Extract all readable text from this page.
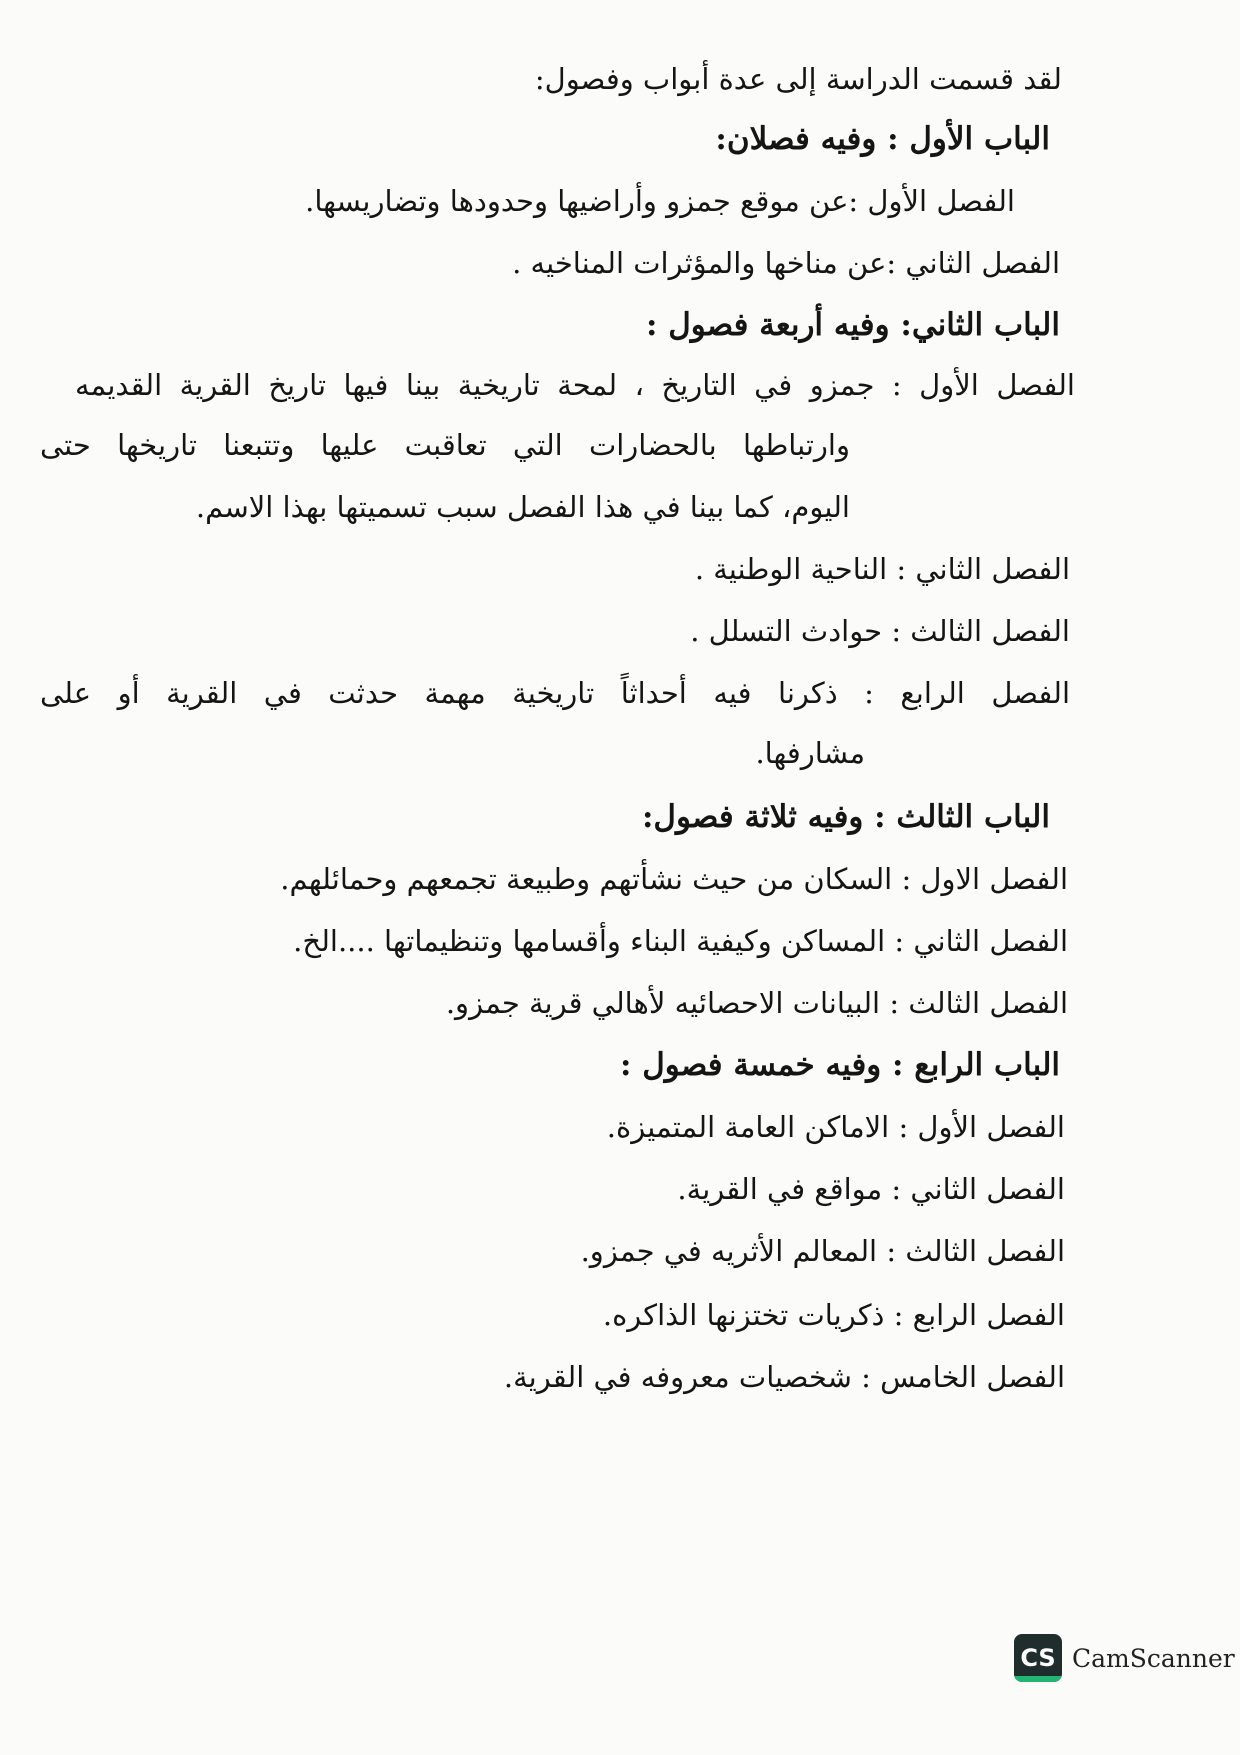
لقد قسمت الدراسة إلى عدة أبواب وفصول:
الباب الأول : وفيه فصلان:
الفصل الأول :عن موقع جمزو وأراضيها وحدودها وتضاريسها.
الفصل الثاني :عن مناخها والمؤثرات المناخيه .
الباب الثاني: وفيه أربعة فصول :
الفصل الأول : جمزو في التاريخ ، لمحة تاريخية بينا فيها تاريخ القرية القديمه
وارتباطها بالحضارات التي تعاقبت عليها وتتبعنا تاريخها حتى
اليوم، كما بينا في هذا الفصل سبب تسميتها بهذا الاسم.
الفصل الثاني : الناحية الوطنية .
الفصل الثالث : حوادث التسلل .
الفصل الرابع : ذكرنا فيه أحداثاً تاريخية مهمة حدثت في القرية أو على
مشارفها.
الباب الثالث : وفيه ثلاثة فصول:
الفصل الاول : السكان من حيث نشأتهم وطبيعة تجمعهم وحمائلهم.
الفصل الثاني : المساكن وكيفية البناء وأقسامها وتنظيماتها ....الخ.
الفصل الثالث : البيانات الاحصائيه لأهالي قرية جمزو.
الباب الرابع : وفيه خمسة فصول :
الفصل الأول : الاماكن العامة المتميزة.
الفصل الثاني : مواقع في القرية.
الفصل الثالث : المعالم الأثريه في جمزو.
الفصل الرابع : ذكريات تختزنها الذاكره.
الفصل الخامس : شخصيات معروفه في القرية.
CS CamScanner
